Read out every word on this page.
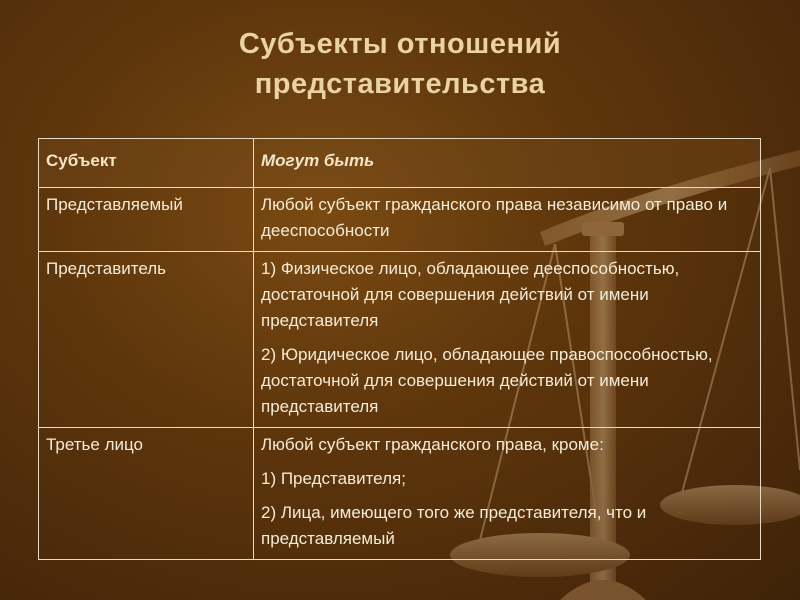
Субъекты отношений
представительства
Субъект	Могут быть
Представляемый	Любой субъект гражданского права независимо от право и дееспособности

Представитель	1) Физическое лицо, обладающее дееспособностью, достаточной для совершения действий от имени представителя

2) Юридическое лицо, обладающее правоспособностью, достаточной для совершения действий от имени представителя

Третье лицо	Любой субъект гражданского права, кроме:

1) Представителя;

2) Лица, имеющего того же представителя, что и представляемый
